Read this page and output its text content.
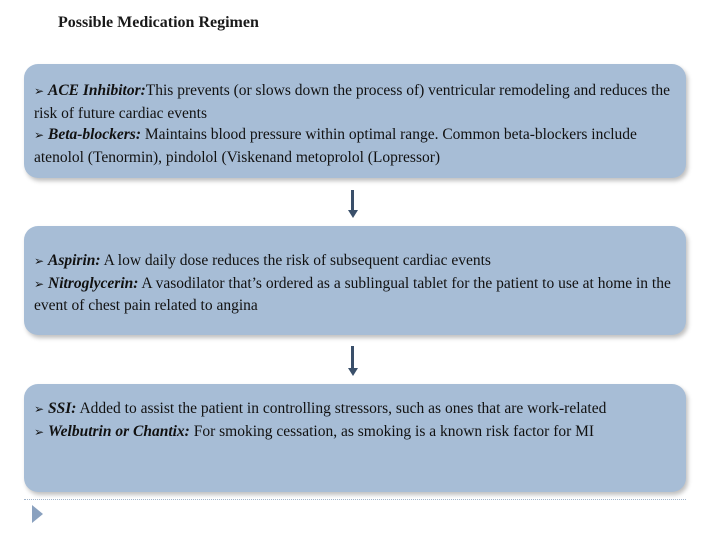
Possible Medication Regimen
➢ ACE Inhibitor:This prevents (or slows down the process of) ventricular remodeling and reduces the risk of future cardiac events
➢ Beta-blockers: Maintains blood pressure within optimal range. Common beta-blockers include atenolol (Tenormin), pindolol (Viskenand metoprolol (Lopressor)
➢ Aspirin: A low daily dose reduces the risk of subsequent cardiac events
➢ Nitroglycerin: A vasodilator that’s ordered as a sublingual tablet for the patient to use at home in the event of chest pain related to angina
➢ SSI: Added to assist the patient in controlling stressors, such as ones that are work-related
➢ Welbutrin or Chantix: For smoking cessation, as smoking is a known risk factor for MI
